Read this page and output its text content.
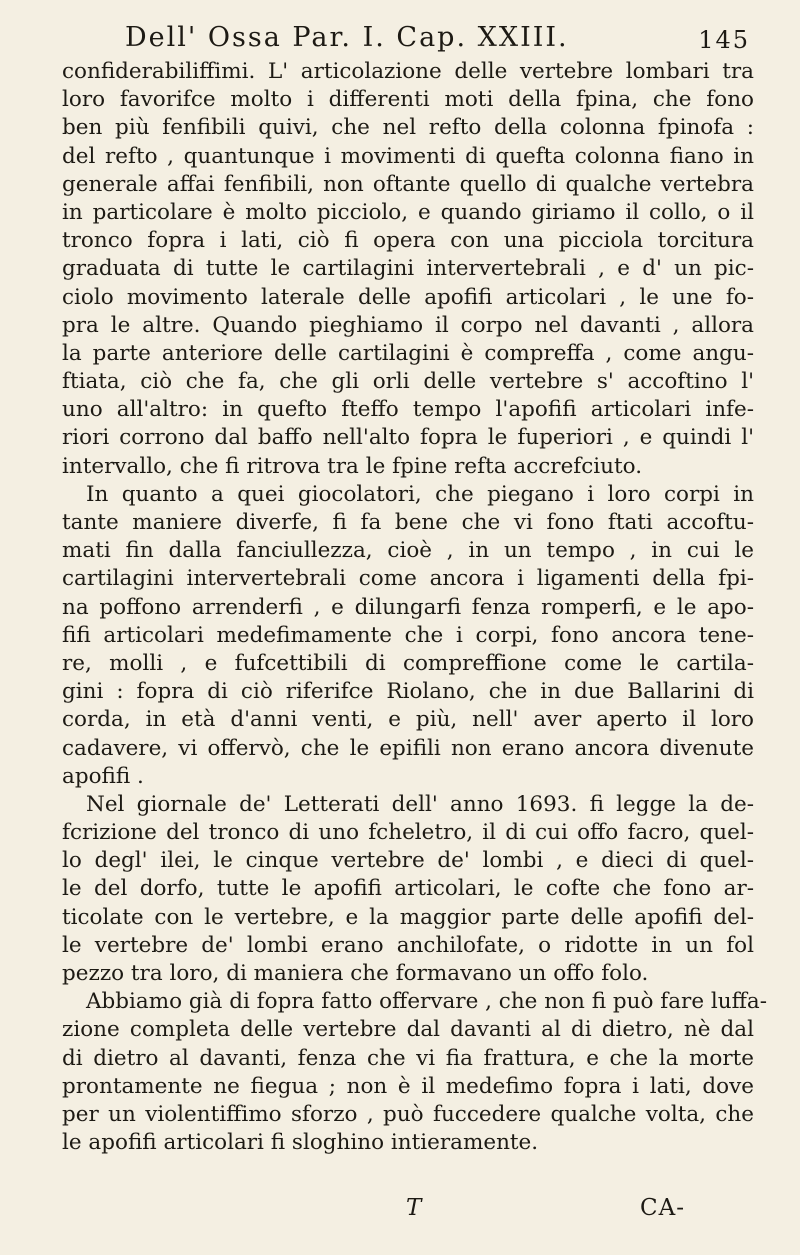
Dell' Ossa Par. I. Cap. XXIII.	145
confiderabiliffimi. L' articolazione delle vertebre lombari tra
loro favorifce molto i differenti moti della fpina, che fono
ben più fenfibili quivi, che nel refto della colonna fpinofa :
del refto , quantunque i movimenti di quefta colonna fiano in
generale affai fenfibili, non oftante quello di qualche vertebra
in particolare è molto picciolo, e quando giriamo il collo, o il
tronco fopra i lati, ciò fi opera con una picciola torcitura
graduata di tutte le cartilagini intervertebrali , e d' un pic-
ciolo movimento laterale delle apofifi articolari , le une fo-
pra le altre. Quando pieghiamo il corpo nel davanti , allora
la parte anteriore delle cartilagini è compreffa , come angu-
ftiata, ciò che fa, che gli orli delle vertebre s' accoftino l'
uno all'altro: in quefto fteffo tempo l'apofifi articolari infe-
riori corrono dal baffo nell'alto fopra le fuperiori , e quindi l'
intervallo, che fi ritrova tra le fpine refta accrefciuto.
In quanto a quei giocolatori, che piegano i loro corpi in
tante maniere diverfe, fi fa bene che vi fono ftati accoftu-
mati fin dalla fanciullezza, cioè , in un tempo , in cui le
cartilagini intervertebrali come ancora i ligamenti della fpi-
na poffono arrenderfi , e dilungarfi fenza romperfi, e le apo-
fifi articolari medefimamente che i corpi, fono ancora tene-
re, molli , e fufcettibili di compreffione come le cartila-
gini : fopra di ciò riferifce Riolano, che in due Ballarini di
corda, in età d'anni venti, e più, nell' aver aperto il loro
cadavere, vi offervò, che le epifili non erano ancora divenute
apofifi .
Nel giornale de' Letterati dell' anno 1693. fi legge la de-
fcrizione del tronco di uno fcheletro, il di cui offo facro, quel-
lo degl' ilei, le cinque vertebre de' lombi , e dieci di quel-
le del dorfo, tutte le apofifi articolari, le cofte che fono ar-
ticolate con le vertebre, e la maggior parte delle apofifi del-
le vertebre de' lombi erano anchilofate, o ridotte in un fol
pezzo tra loro, di maniera che formavano un offo folo.
Abbiamo già di fopra fatto offervare , che non fi può fare luffa-
zione completa delle vertebre dal davanti al di dietro, nè dal
di dietro al davanti, fenza che vi fia frattura, e che la morte
prontamente ne fiegua ; non è il medefimo fopra i lati, dove
per un violentiffimo sforzo , può fuccedere qualche volta, che
le apofifi articolari fi sloghino intieramente.
T	CA-
